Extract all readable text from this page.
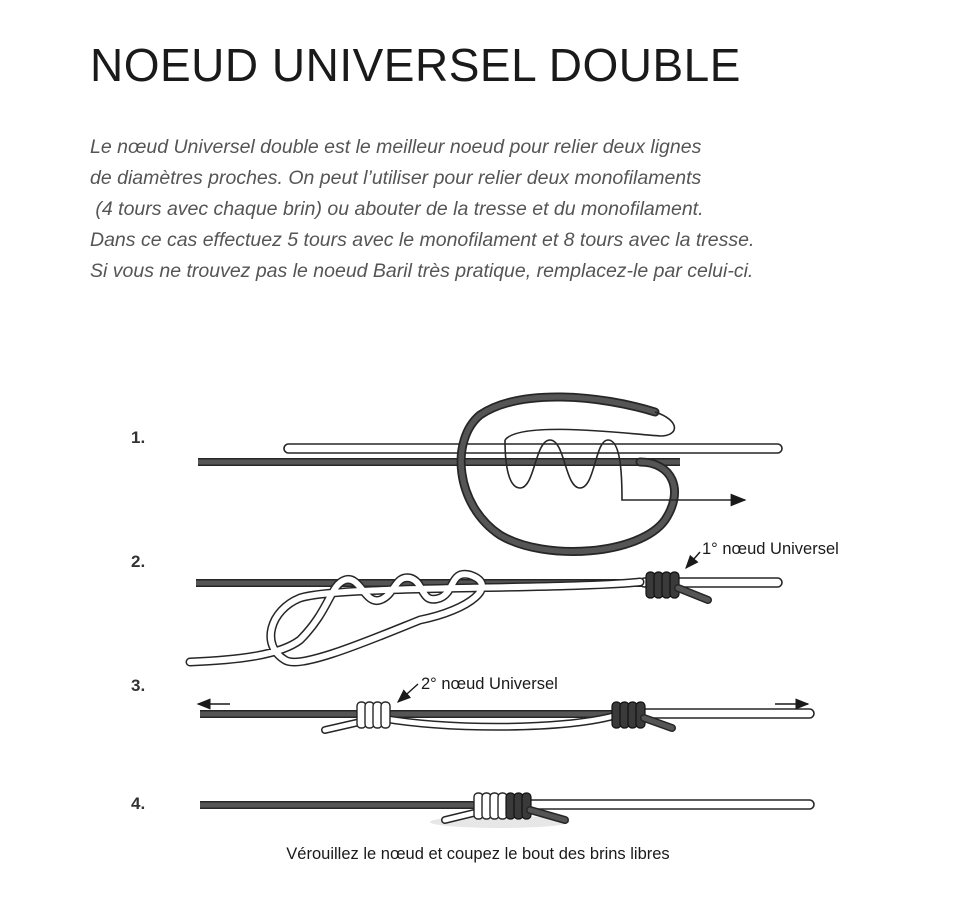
NOEUD UNIVERSEL DOUBLE
Le nœud Universel double est le meilleur noeud pour relier deux lignes
de diamètres proches. On peut l’utiliser pour relier deux monofilaments
(4 tours avec chaque brin) ou abouter de la tresse et du monofilament.
Dans ce cas effectuez 5 tours avec le monofilament et 8 tours avec la tresse.
Si vous ne trouvez pas le noeud Baril très pratique, remplacez-le par celui-ci.
1.
2.
3.
4.
1° nœud Universel
2° nœud Universel
Vérouillez le nœud et coupez le bout des brins libres
